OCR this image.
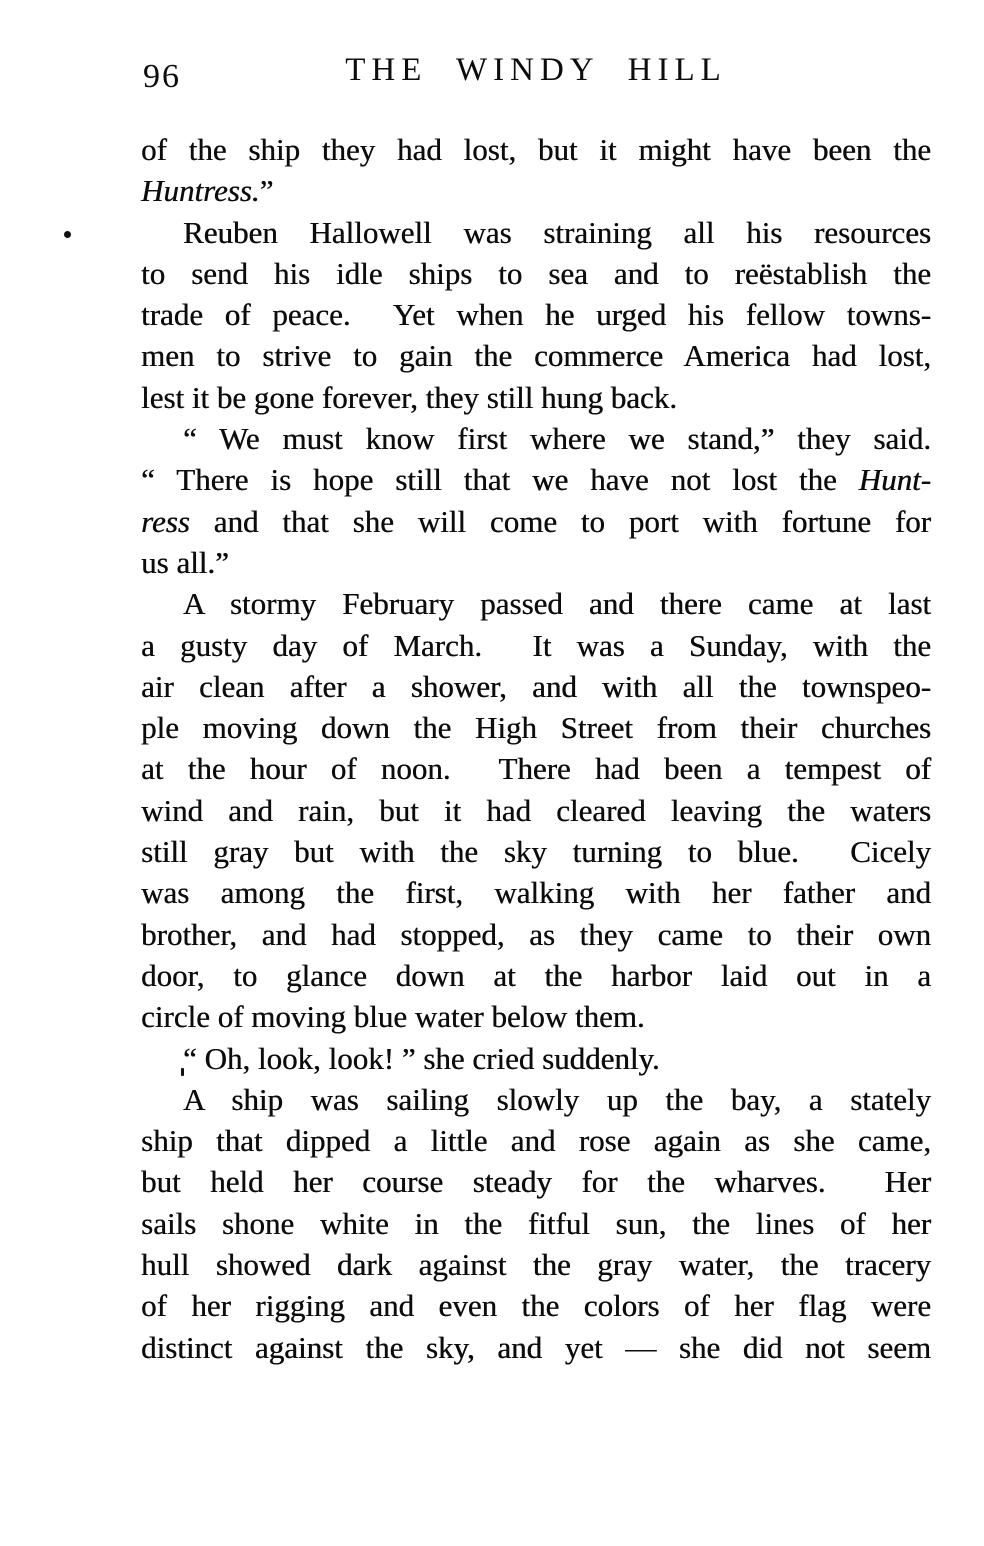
96	THE WINDY HILL
of the ship they had lost, but it might have been the
Huntress.”
Reuben Hallowell was straining all his resources
to send his idle ships to sea and to reëstablish the
trade of peace.  Yet when he urged his fellow towns-
men to strive to gain the commerce America had lost,
lest it be gone forever, they still hung back.
“ We must know first where we stand,” they said.
“ There is hope still that we have not lost the Hunt-
ress and that she will come to port with fortune for
us all.”
A stormy February passed and there came at last
a gusty day of March.  It was a Sunday, with the
air clean after a shower, and with all the townspeo-
ple moving down the High Street from their churches
at the hour of noon.  There had been a tempest of
wind and rain, but it had cleared leaving the waters
still gray but with the sky turning to blue.  Cicely
was among the first, walking with her father and
brother, and had stopped, as they came to their own
door, to glance down at the harbor laid out in a
circle of moving blue water below them.
“ Oh, look, look! ” she cried suddenly.
A ship was sailing slowly up the bay, a stately
ship that dipped a little and rose again as she came,
but held her course steady for the wharves.  Her
sails shone white in the fitful sun, the lines of her
hull showed dark against the gray water, the tracery
of her rigging and even the colors of her flag were
distinct against the sky, and yet — she did not seem
